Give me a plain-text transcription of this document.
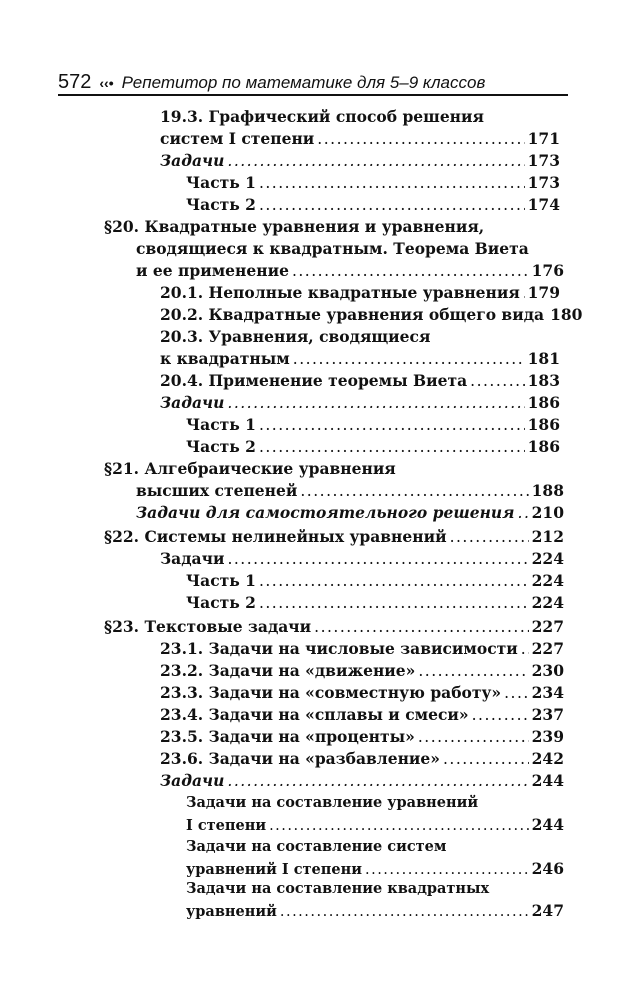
572 ‹‹• Репетитор по математике для 5–9 классов
19.3. Графический способ решения
систем I степени .....	171
Задачи .....	173
Часть 1 .....	173
Часть 2 .....	174
§20. Квадратные уравнения и уравнения,
сводящиеся к квадратным. Теорема Виета
и ее применение .....	176
20.1. Неполные квадратные уравнения ..... 179
20.2. Квадратные уравнения общего вида 180
20.3. Уравнения, сводящиеся
к квадратным .....	181
20.4. Применение теоремы Виета .....	183
Задачи .....	186
Часть 1 .....	186
Часть 2 .....	186
§21. Алгебраические уравнения
высших степеней .....	188
Задачи для самостоятельного решения ..... 210
§22. Системы нелинейных уравнений .....	212
Задачи .....	224
Часть 1 .....	224
Часть 2 .....	224
§23. Текстовые задачи .....	227
23.1. Задачи на числовые зависимости ..... 227
23.2. Задачи на «движение» .....	230
23.3. Задачи на «совместную работу» ..... 234
23.4. Задачи на «сплавы и смеси» .....	237
23.5. Задачи на «проценты» .....	239
23.6. Задачи на «разбавление» .....	242
Задачи .....	244
Задачи на составление уравнений
I степени .....	244
Задачи на составление систем
уравнений I степени .....	246
Задачи на составление квадратных
уравнений .....	247
